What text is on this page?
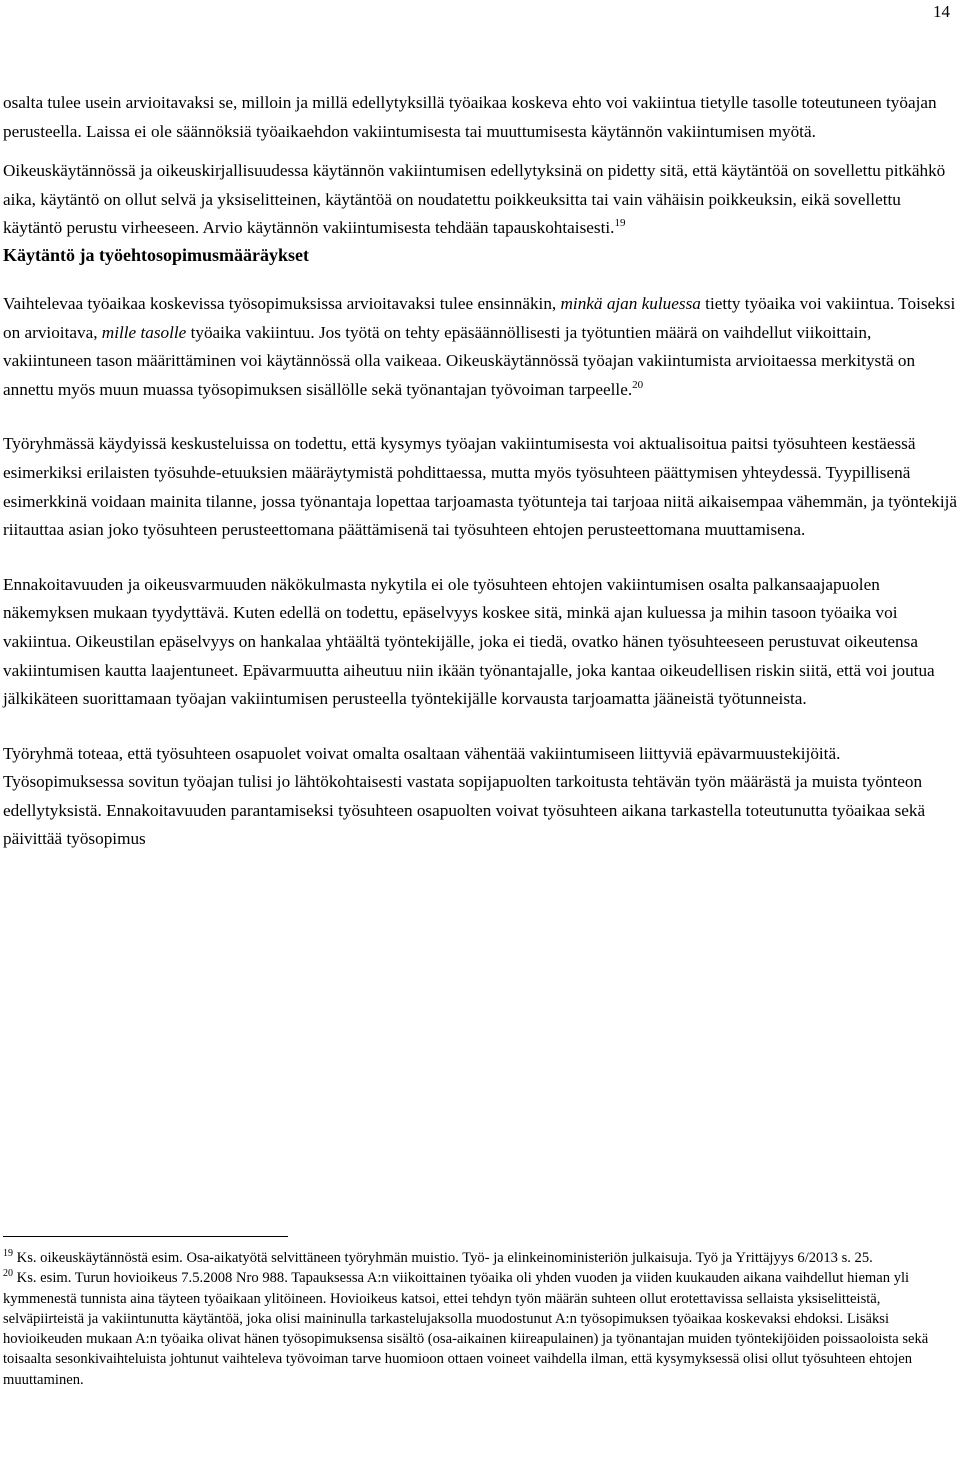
14

osalta tulee usein arvioitavaksi se, milloin ja millä edellytyksillä työaikaa koskeva ehto voi vakiintua tietylle tasolle toteutuneen työajan perusteella. Laissa ei ole säännöksiä työaikaehdon vakiintumisesta tai muuttumisesta käytännön vakiintumisen myötä.

Oikeuskäytännössä ja oikeuskirjallisuudessa käytännön vakiintumisen edellytyksinä on pidetty sitä, että käytäntöä on sovellettu pitkähkö aika, käytäntö on ollut selvä ja yksiselitteinen, käytäntöä on noudatettu poikkeuksitta tai vain vähäisin poikkeuksin, eikä sovellettu käytäntö perustu virheeseen. Arvio käytännön vakiintumisesta tehdään tapauskohtaisesti.$^{19}$

Käytäntö ja työehtosopimusmääräykset

Vaihtelevaa työaikaa koskevissa työsopimuksissa arvioitavaksi tulee ensinnäkin, minkä ajan kuluessa tietty työaika voi vakiintua. Toiseksi on arvioitava, mille tasolle työaika vakiintuu. Jos työtä on tehty epäsäännöllisesti ja työtuntien määrä on vaihdellut viikoittain, vakiintuneen tason määrittäminen voi käytännössä olla vaikeaa. Oikeuskäytännössä työajan vakiintumista arvioitaessa merkitystä on annettu myös muun muassa työsopimuksen sisällölle sekä työnantajan työvoiman tarpeelle.$^{20}$

Työryhmässä käydyissä keskusteluissa on todettu, että kysymys työajan vakiintumisesta voi aktualisoitua paitsi työsuhteen kestäessä esimerkiksi erilaisten työsuhde-etuuksien määräytymistä pohdittaessa, mutta myös työsuhteen päättymisen yhteydessä. Tyypillisenä esimerkkinä voidaan mainita tilanne, jossa työnantaja lopettaa tarjoamasta työtunteja tai tarjoaa niitä aikaisempaa vähemmän, ja työntekijä riitauttaa asian joko työsuhteen perusteettomana päättämisenä tai työsuhteen ehtojen perusteettomana muuttamisena.

Ennakoitavuuden ja oikeusvarmuuden näkökulmasta nykytila ei ole työsuhteen ehtojen vakiintumisen osalta palkansaajapuolen näkemyksen mukaan tyydyttävä. Kuten edellä on todettu, epäselvyys koskee sitä, minkä ajan kuluessa ja mihin tasoon työaika voi vakiintua. Oikeustilan epäselvyys on hankalaa yhtäältä työntekijälle, joka ei tiedä, ovatko hänen työsuhteeseen perustuvat oikeutensa vakiintumisen kautta laajentuneet. Epävarmuutta aiheutuu niin ikään työnantajalle, joka kantaa oikeudellisen riskin siitä, että voi joutua jälkikäteen suorittamaan työajan vakiintumisen perusteella työntekijälle korvausta tarjoamatta jääneistä työtunneista.

Työryhmä toteaa, että työsuhteen osapuolet voivat omalta osaltaan vähentää vakiintumiseen liittyviä epävarmuustekijöitä. Työsopimuksessa sovitun työajan tulisi jo lähtökohtaisesti vastata sopijapuolten tarkoitusta tehtävän työn määrästä ja muista työnteon edellytyksistä. Ennakoitavuuden parantamiseksi työsuhteen osapuolten voivat työsuhteen aikana tarkastella toteutunutta työaikaa sekä päivittää työsopimus

$^{19}$ Ks. oikeuskäytännöstä esim. Osa-aikatyötä selvittäneen työryhmän muistio. Työ- ja elinkeinoministeriön julkaisuja. Työ ja Yrittäjyys 6/2013 s. 25.

$^{20}$ Ks. esim. Turun hovioikeus 7.5.2008 Nro 988. Tapauksessa A:n viikoittainen työaika oli yhden vuoden ja viiden kuukauden aikana vaihdellut hieman yli kymmenestä tunnista aina täyteen työaikaan ylitöineen. Hovioikeus katsoi, ettei tehdyn työn määrän suhteen ollut erotettavissa sellaista yksiselitteistä, selväpiirteistä ja vakiintunutta käytäntöä, joka olisi maininulla tarkastelujaksolla muodostunut A:n työsopimuksen työaikaa koskevaksi ehdoksi. Lisäksi hovioikeuden mukaan A:n työaika olivat hänen työsopimuksensa sisältö (osa-aikainen kiireapulainen) ja työnantajan muiden työntekijöiden poissaoloista sekä toisaalta sesonkivaihteluista johtunut vaihteleva työvoiman tarve huomioon ottaen voineet vaihdella ilman, että kysymyksessä olisi ollut työsuhteen ehtojen muuttaminen.
